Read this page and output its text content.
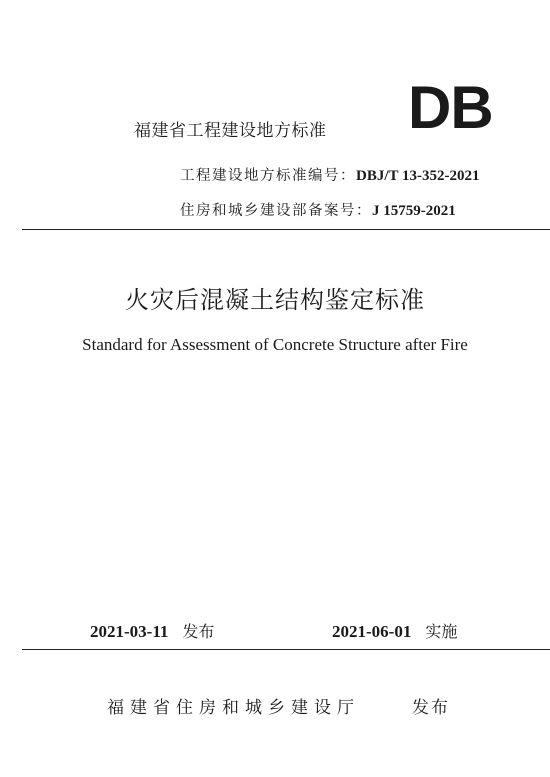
福建省工程建设地方标准 DB
工程建设地方标准编号：DBJ/T 13-352-2021
住房和城乡建设部备案号：J 15759-2021
火灾后混凝土结构鉴定标准
Standard for Assessment of Concrete Structure after Fire
2021-03-11 发布	2021-06-01 实施
福建省住房和城乡建设厅	发布
